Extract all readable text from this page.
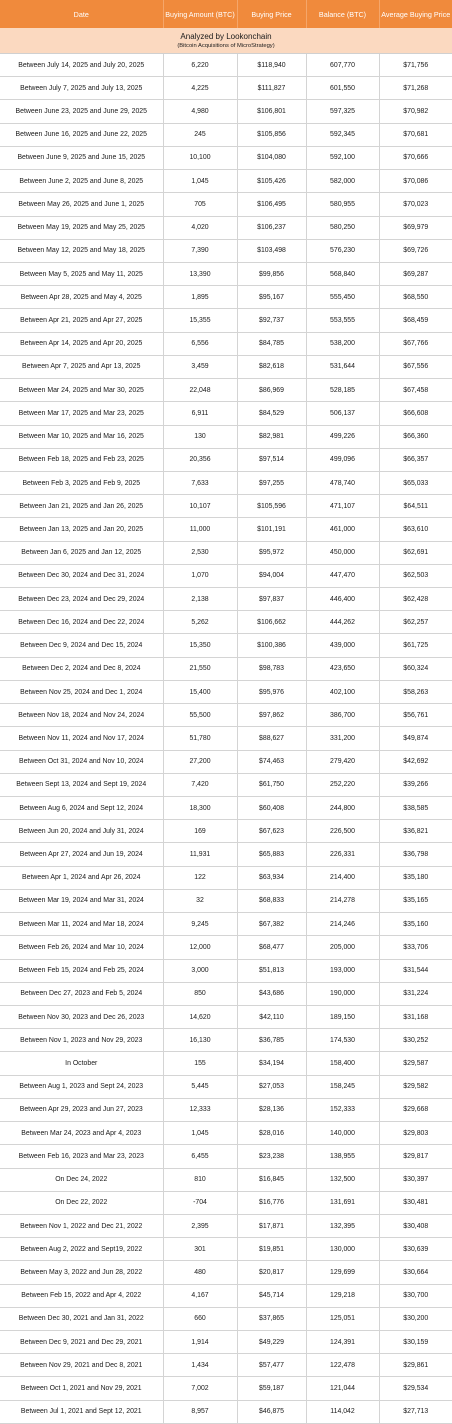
Date	Buying Amount (BTC)	Buying Price	Balance (BTC)	Average Buying Price

Analyzed by Lookonchain
(Bitcoin Acquisitions of MicroStrategy)				

Between July 14, 2025 and July 20, 2025	6,220	$118,940	607,770	$71,756
Between July 7, 2025 and July 13, 2025	4,225	$111,827	601,550	$71,268
Between June 23, 2025 and June 29, 2025	4,980	$106,801	597,325	$70,982
Between June 16, 2025 and June 22, 2025	245	$105,856	592,345	$70,681
Between June 9, 2025 and June 15, 2025	10,100	$104,080	592,100	$70,666
Between June 2, 2025 and June 8, 2025	1,045	$105,426	582,000	$70,086
Between May 26, 2025 and June 1, 2025	705	$106,495	580,955	$70,023
Between May 19, 2025 and May 25, 2025	4,020	$106,237	580,250	$69,979
Between May 12, 2025 and May 18, 2025	7,390	$103,498	576,230	$69,726
Between May 5, 2025 and May 11, 2025	13,390	$99,856	568,840	$69,287
Between Apr 28, 2025 and May 4, 2025	1,895	$95,167	555,450	$68,550
Between Apr 21, 2025 and Apr 27, 2025	15,355	$92,737	553,555	$68,459
Between Apr 14, 2025 and Apr 20, 2025	6,556	$84,785	538,200	$67,766
Between Apr 7, 2025 and Apr 13, 2025	3,459	$82,618	531,644	$67,556
Between Mar 24, 2025 and Mar 30, 2025	22,048	$86,969	528,185	$67,458
Between Mar 17, 2025 and Mar 23, 2025	6,911	$84,529	506,137	$66,608
Between Mar 10, 2025 and Mar 16, 2025	130	$82,981	499,226	$66,360
Between Feb 18, 2025 and Feb 23, 2025	20,356	$97,514	499,096	$66,357
Between Feb 3, 2025 and Feb 9, 2025	7,633	$97,255	478,740	$65,033
Between Jan 21, 2025 and Jan 26, 2025	10,107	$105,596	471,107	$64,511
Between Jan 13, 2025 and Jan 20, 2025	11,000	$101,191	461,000	$63,610
Between Jan 6, 2025 and Jan 12, 2025	2,530	$95,972	450,000	$62,691
Between Dec 30, 2024 and Dec 31, 2024	1,070	$94,004	447,470	$62,503
Between Dec 23, 2024 and Dec 29, 2024	2,138	$97,837	446,400	$62,428
Between Dec 16, 2024 and Dec 22, 2024	5,262	$106,662	444,262	$62,257
Between Dec 9, 2024 and Dec 15, 2024	15,350	$100,386	439,000	$61,725
Between Dec 2, 2024 and Dec 8, 2024	21,550	$98,783	423,650	$60,324
Between Nov 25, 2024 and Dec 1, 2024	15,400	$95,976	402,100	$58,263
Between Nov 18, 2024 and Nov 24, 2024	55,500	$97,862	386,700	$56,761
Between Nov 11, 2024 and Nov 17, 2024	51,780	$88,627	331,200	$49,874
Between Oct 31, 2024 and Nov 10, 2024	27,200	$74,463	279,420	$42,692
Between Sept 13, 2024 and Sept 19, 2024	7,420	$61,750	252,220	$39,266
Between Aug 6, 2024 and Sept 12, 2024	18,300	$60,408	244,800	$38,585
Between Jun 20, 2024 and July 31, 2024	169	$67,623	226,500	$36,821
Between Apr 27, 2024 and Jun 19, 2024	11,931	$65,883	226,331	$36,798
Between Apr 1, 2024 and Apr 26, 2024	122	$63,934	214,400	$35,180
Between Mar 19, 2024 and Mar 31, 2024	32	$68,833	214,278	$35,165
Between Mar 11, 2024 and Mar 18, 2024	9,245	$67,382	214,246	$35,160
Between Feb 26, 2024 and Mar 10, 2024	12,000	$68,477	205,000	$33,706
Between Feb 15, 2024 and Feb 25, 2024	3,000	$51,813	193,000	$31,544
Between Dec 27, 2023 and Feb 5, 2024	850	$43,686	190,000	$31,224
Between Nov 30, 2023 and Dec 26, 2023	14,620	$42,110	189,150	$31,168
Between Nov 1, 2023 and Nov 29, 2023	16,130	$36,785	174,530	$30,252
In October	155	$34,194	158,400	$29,587
Between Aug 1, 2023 and Sept 24, 2023	5,445	$27,053	158,245	$29,582
Between Apr 29, 2023 and Jun 27, 2023	12,333	$28,136	152,333	$29,668
Between Mar 24, 2023 and Apr 4, 2023	1,045	$28,016	140,000	$29,803
Between Feb 16, 2023 and Mar 23, 2023	6,455	$23,238	138,955	$29,817
On Dec 24, 2022	810	$16,845	132,500	$30,397
On Dec 22, 2022	-704	$16,776	131,691	$30,481
Between Nov 1, 2022 and Dec 21, 2022	2,395	$17,871	132,395	$30,408
Between Aug 2, 2022 and Sept19, 2022	301	$19,851	130,000	$30,639
Between May 3, 2022 and Jun 28, 2022	480	$20,817	129,699	$30,664
Between Feb 15, 2022 and Apr 4, 2022	4,167	$45,714	129,218	$30,700
Between Dec 30, 2021 and Jan 31, 2022	660	$37,865	125,051	$30,200
Between Dec 9, 2021 and Dec 29, 2021	1,914	$49,229	124,391	$30,159
Between Nov 29, 2021 and Dec 8, 2021	1,434	$57,477	122,478	$29,861
Between Oct 1, 2021 and Nov 29, 2021	7,002	$59,187	121,044	$29,534
Between Jul 1, 2021 and Sept 12, 2021	8,957	$46,875	114,042	$27,713
